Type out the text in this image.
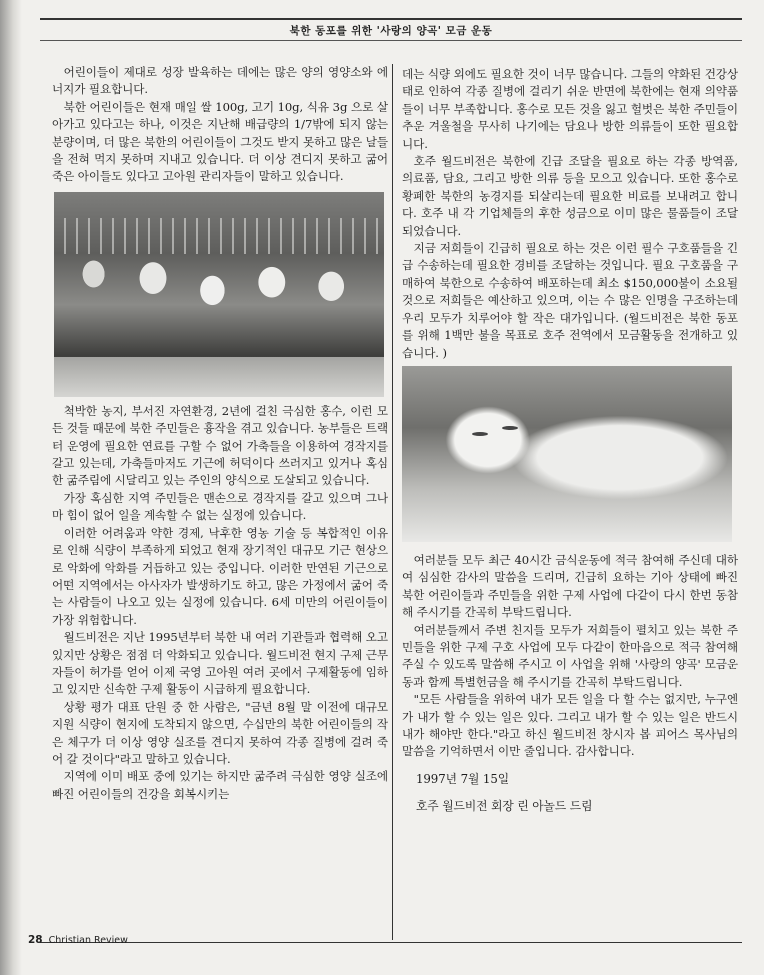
북한 동포를 위한 '사랑의 양곡' 모금 운동

어린이들이 제대로 성장 발육하는 데에는 많은 양의 영양소와 에너지가 필요합니다.

북한 어린이들은 현재 매일 쌀 100g, 고기 10g, 식유 3g 으로 살아가고 있다고는 하나, 이것은 지난해 배급량의 1/7밖에 되지 않는 분량이며, 더 많은 북한의 어린이들이 그것도 받지 못하고 많은 날들을 전혀 먹지 못하며 지내고 있습니다. 더 이상 견디지 못하고 굶어 죽은 아이들도 있다고 고아원 관리자들이 말하고 있습니다.

척박한 농지, 부서진 자연환경, 2년에 걸친 극심한 홍수, 이런 모든 것들 때문에 북한 주민들은 흉작을 겪고 있습니다. 농부들은 트랙터 운영에 필요한 연료를 구할 수 없어 가축들을 이용하여 경작지를 갈고 있는데, 가축들마저도 기근에 허덕이다 쓰러지고 있거나 혹심한 굶주림에 시달리고 있는 주인의 양식으로 도살되고 있습니다.

가장 혹심한 지역 주민들은 맨손으로 경작지를 갈고 있으며 그나마 힘이 없어 일을 계속할 수 없는 실정에 있습니다.

이러한 어려움과 약한 경제, 낙후한 영농 기술 등 복합적인 이유로 인해 식량이 부족하게 되었고 현재 장기적인 대규모 기근 현상으로 악화에 악화를 거듭하고 있는 중입니다. 이러한 만연된 기근으로 어떤 지역에서는 아사자가 발생하기도 하고, 많은 가정에서 굶어 죽는 사람들이 나오고 있는 실정에 있습니다. 6세 미만의 어린이들이 가장 위험합니다.

월드비전은 지난 1995년부터 북한 내 여러 기관들과 협력해 오고 있지만 상황은 점점 더 악화되고 있습니다. 월드비전 현지 구제 근무자들이 허가를 얻어 이제 국영 고아원 여러 곳에서 구제활동에 임하고 있지만 신속한 구제 활동이 시급하게 필요합니다.

상황 평가 대표 단원 중 한 사람은, "금년 8월 말 이전에 대규모 지원 식량이 현지에 도착되지 않으면, 수십만의 북한 어린이들의 작은 체구가 더 이상 영양 실조를 견디지 못하여 각종 질병에 걸려 죽어 갈 것이다"라고 말하고 있습니다.

지역에 이미 배포 중에 있기는 하지만 굶주려 극심한 영양 실조에 빠진 어린이들의 건강을 회복시키는

데는 식량 외에도 필요한 것이 너무 많습니다. 그들의 약화된 건강상태로 인하여 각종 질병에 걸리기 쉬운 반면에 북한에는 현재 의약품들이 너무 부족합니다. 홍수로 모든 것을 잃고 헐벗은 북한 주민들이 추운 겨울철을 무사히 나기에는 담요나 방한 의류들이 또한 필요합니다.

호주 월드비전은 북한에 긴급 조달을 필요로 하는 각종 방역품, 의료품, 담요, 그리고 방한 의류 등을 모으고 있습니다. 또한 홍수로 황폐한 북한의 농경지를 되살리는데 필요한 비료를 보내려고 합니다. 호주 내 각 기업체들의 후한 성금으로 이미 많은 물품들이 조달되었습니다.

지금 저희들이 긴급히 필요로 하는 것은 이런 필수 구호품들을 긴급 수송하는데 필요한 경비를 조달하는 것입니다. 필요 구호품을 구매하여 북한으로 수송하여 배포하는데 최소 $150,000불이 소요될 것으로 저희들은 예산하고 있으며, 이는 수 많은 인명을 구조하는데 우리 모두가 치루어야 할 작은 대가입니다. (월드비전은 북한 동포를 위해 1백만 불을 목표로 호주 전역에서 모금활동을 전개하고 있습니다. )

여러분들 모두 최근 40시간 금식운동에 적극 참여해 주신데 대하여 심심한 감사의 말씀을 드리며, 긴급히 요하는 기아 상태에 빠진 북한 어린이들과 주민들을 위한 구제 사업에 다같이 다시 한번 동참해 주시기를 간곡히 부탁드립니다.

여러분들께서 주변 친지들 모두가 저희들이 펼치고 있는 북한 주민들을 위한 구제 구호 사업에 모두 다같이 한마음으로 적극 참여해 주실 수 있도록 말씀해 주시고 이 사업을 위해 '사랑의 양곡' 모금운동과 함께 특별헌금을 해 주시기를 간곡히 부탁드립니다.

"모든 사람들을 위하여 내가 모든 일을 다 할 수는 없지만, 누구엔가 내가 할 수 있는 일은 있다. 그리고 내가 할 수 있는 일은 반드시 내가 해야만 한다."라고 하신 월드비전 창시자 봅 피어스 목사님의 말씀을 기억하면서 이만 줄입니다. 감사합니다.

1997년 7월 15일

호주 월드비전 회장 린 아놀드 드림

28 Christian Review
